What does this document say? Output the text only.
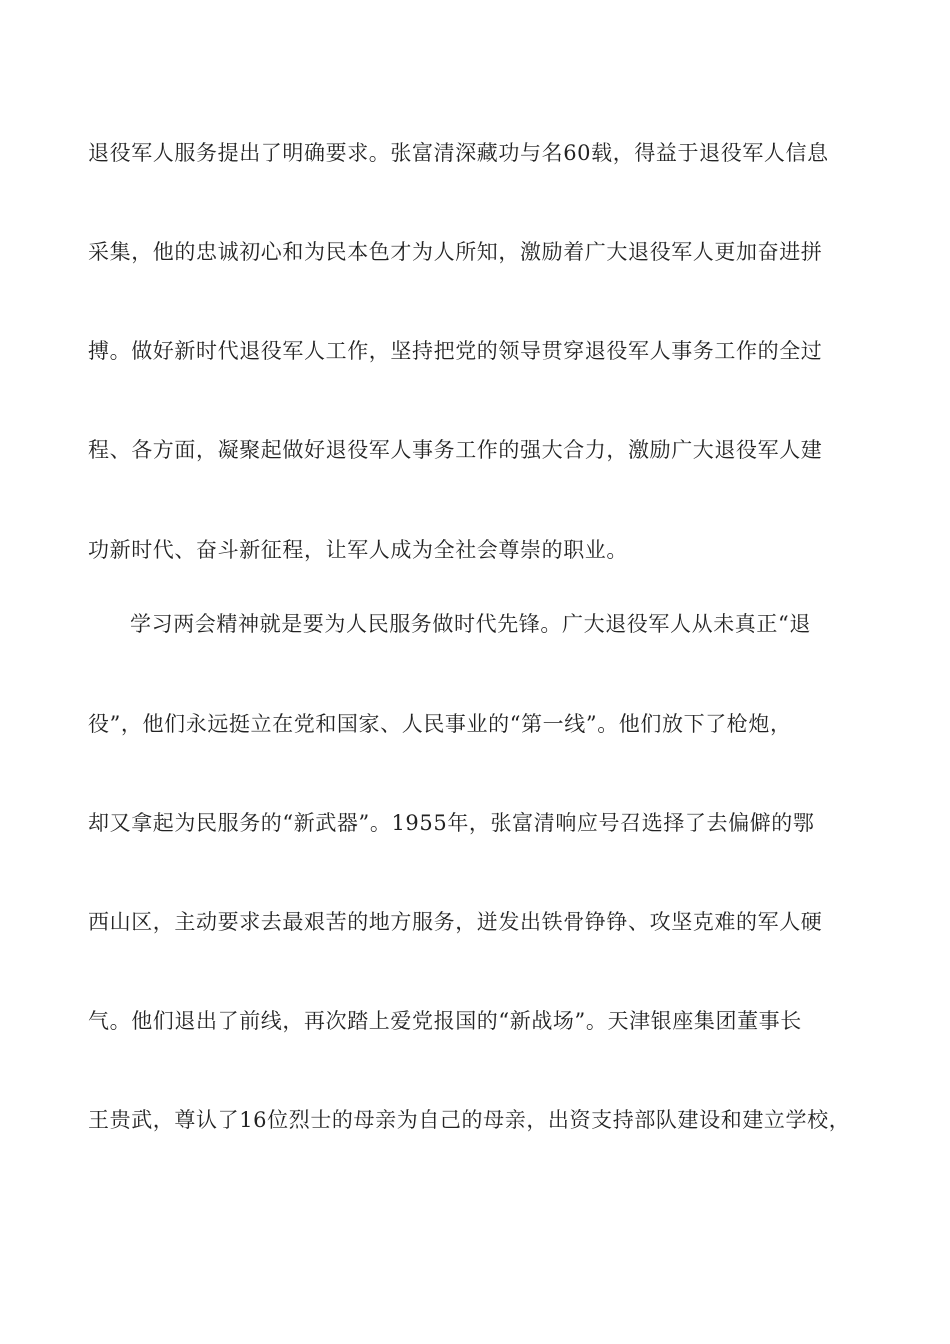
退役军人服务提出了明确要求。张富清深藏功与名60载，得益于退役军人信息
采集，他的忠诚初心和为民本色才为人所知，激励着广大退役军人更加奋进拼
搏。做好新时代退役军人工作，坚持把党的领导贯穿退役军人事务工作的全过
程、各方面，凝聚起做好退役军人事务工作的强大合力，激励广大退役军人建
功新时代、奋斗新征程，让军人成为全社会尊崇的职业。
学习两会精神就是要为人民服务做时代先锋。广大退役军人从未真正“退
役”，他们永远挺立在党和国家、人民事业的“第一线”。他们放下了枪炮，
却又拿起为民服务的“新武器”。1955年，张富清响应号召选择了去偏僻的鄂
西山区，主动要求去最艰苦的地方服务，迸发出铁骨铮铮、攻坚克难的军人硬
气。他们退出了前线，再次踏上爱党报国的“新战场”。天津银座集团董事长
王贵武，尊认了16位烈士的母亲为自己的母亲，出资支持部队建设和建立学校，
